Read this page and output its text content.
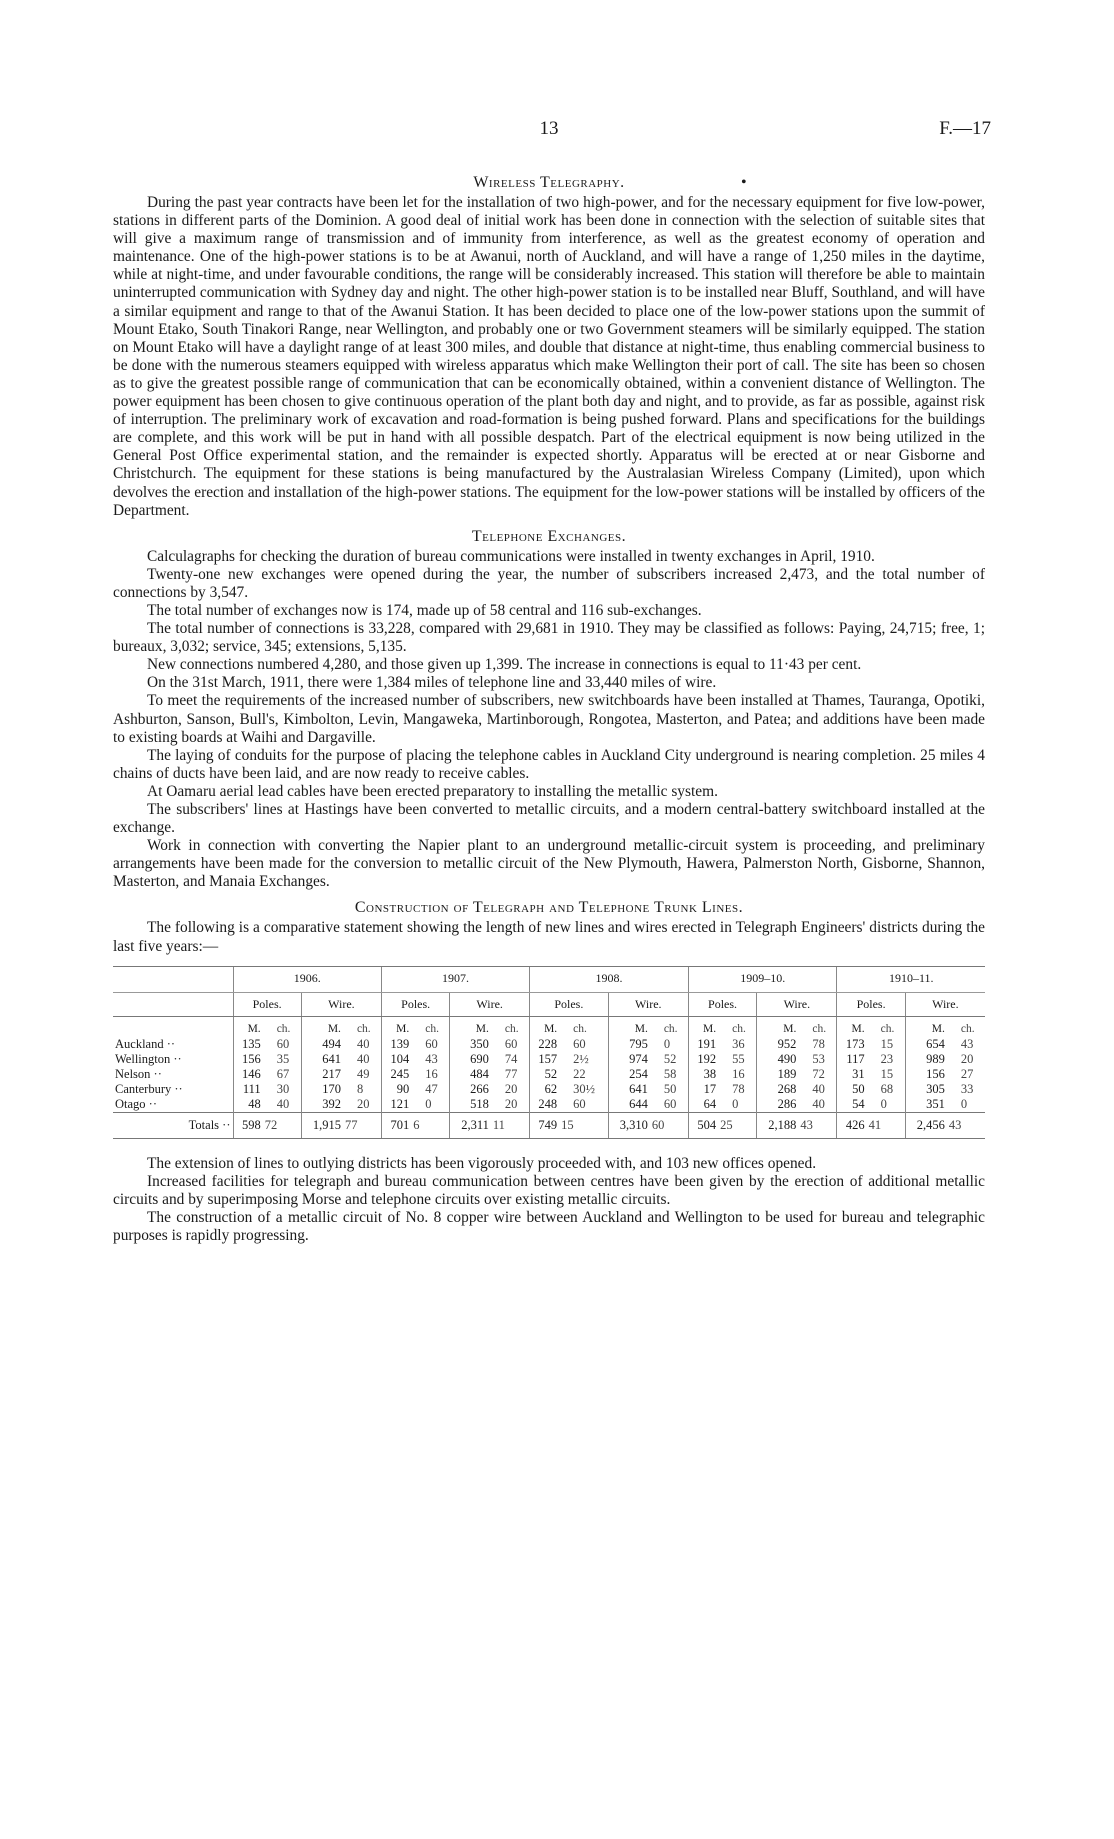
13	F.—17
•
Wireless Telegraphy.

During the past year contracts have been let for the installation of two high-power, and for the necessary equipment for five low-power, stations in different parts of the Dominion. A good deal of initial work has been done in connection with the selection of suitable sites that will give a maximum range of transmission and of immunity from interference, as well as the greatest economy of operation and maintenance. One of the high-power stations is to be at Awanui, north of Auckland, and will have a range of 1,250 miles in the daytime, while at night-time, and under favourable conditions, the range will be considerably increased. This station will therefore be able to maintain uninterrupted communication with Sydney day and night. The other high-power station is to be installed near Bluff, Southland, and will have a similar equipment and range to that of the Awanui Station. It has been decided to place one of the low-power stations upon the summit of Mount Etako, South Tinakori Range, near Wellington, and probably one or two Government steamers will be similarly equipped. The station on Mount Etako will have a daylight range of at least 300 miles, and double that distance at night-time, thus enabling commercial business to be done with the numerous steamers equipped with wireless apparatus which make Wellington their port of call. The site has been so chosen as to give the greatest possible range of communication that can be economically obtained, within a convenient distance of Wellington. The power equipment has been chosen to give continuous operation of the plant both day and night, and to provide, as far as possible, against risk of interruption. The preliminary work of excavation and road-formation is being pushed forward. Plans and specifications for the buildings are complete, and this work will be put in hand with all possible despatch. Part of the electrical equipment is now being utilized in the General Post Office experimental station, and the remainder is expected shortly. Apparatus will be erected at or near Gisborne and Christchurch. The equipment for these stations is being manufactured by the Australasian Wireless Company (Limited), upon which devolves the erection and installation of the high-power stations. The equipment for the low-power stations will be installed by officers of the Department.

Telephone Exchanges.

Calculagraphs for checking the duration of bureau communications were installed in twenty exchanges in April, 1910.

Twenty-one new exchanges were opened during the year, the number of subscribers increased 2,473, and the total number of connections by 3,547.

The total number of exchanges now is 174, made up of 58 central and 116 sub-exchanges.

The total number of connections is 33,228, compared with 29,681 in 1910. They may be classified as follows: Paying, 24,715; free, 1; bureaux, 3,032; service, 345; extensions, 5,135.

New connections numbered 4,280, and those given up 1,399. The increase in connections is equal to 11·43 per cent.

On the 31st March, 1911, there were 1,384 miles of telephone line and 33,440 miles of wire.

To meet the requirements of the increased number of subscribers, new switchboards have been installed at Thames, Tauranga, Opotiki, Ashburton, Sanson, Bull's, Kimbolton, Levin, Mangaweka, Martinborough, Rongotea, Masterton, and Patea; and additions have been made to existing boards at Waihi and Dargaville.

The laying of conduits for the purpose of placing the telephone cables in Auckland City underground is nearing completion. 25 miles 4 chains of ducts have been laid, and are now ready to receive cables.

At Oamaru aerial lead cables have been erected preparatory to installing the metallic system.

The subscribers' lines at Hastings have been converted to metallic circuits, and a modern central-battery switchboard installed at the exchange.

Work in connection with converting the Napier plant to an underground metallic-circuit system is proceeding, and preliminary arrangements have been made for the conversion to metallic circuit of the New Plymouth, Hawera, Palmerston North, Gisborne, Shannon, Masterton, and Manaia Exchanges.

Construction of Telegraph and Telephone Trunk Lines.

The following is a comparative statement showing the length of new lines and wires erected in Telegraph Engineers' districts during the last five years:—

	1906.				1907.				1908.				1909–10.				1910–11.			
	Poles.		Wire.		Poles.		Wire.		Poles.		Wire.		Poles.		Wire.		Poles.		Wire.	
	M.	ch.	M.	ch.	M.	ch.	M.	ch.	M.	ch.	M.	ch.	M.	ch.	M.	ch.	M.	ch.	M.	ch.
Auckland ··	135	60	494	40	139	60	350	60	228	60	795	0	191	36	952	78	173	15	654	43
Wellington ··	156	35	641	40	104	43	690	74	157	2½	974	52	192	55	490	53	117	23	989	20
Nelson ··	146	67	217	49	245	16	484	77	52	22	254	58	38	16	189	72	31	15	156	27
Canterbury ··	111	30	170	8	90	47	266	20	62	30½	641	50	17	78	268	40	50	68	305	33
Otago ··	48	40	392	20	121	0	518	20	248	60	644	60	64	0	286	40	54	0	351	0
Totals ··	598	72	1,915	77	701	6	2,311	11	749	15	3,310	60	504	25	2,188	43	426	41	2,456	43

The extension of lines to outlying districts has been vigorously proceeded with, and 103 new offices opened.

Increased facilities for telegraph and bureau communication between centres have been given by the erection of additional metallic circuits and by superimposing Morse and telephone circuits over existing metallic circuits.

The construction of a metallic circuit of No. 8 copper wire between Auckland and Wellington to be used for bureau and telegraphic purposes is rapidly progressing.
